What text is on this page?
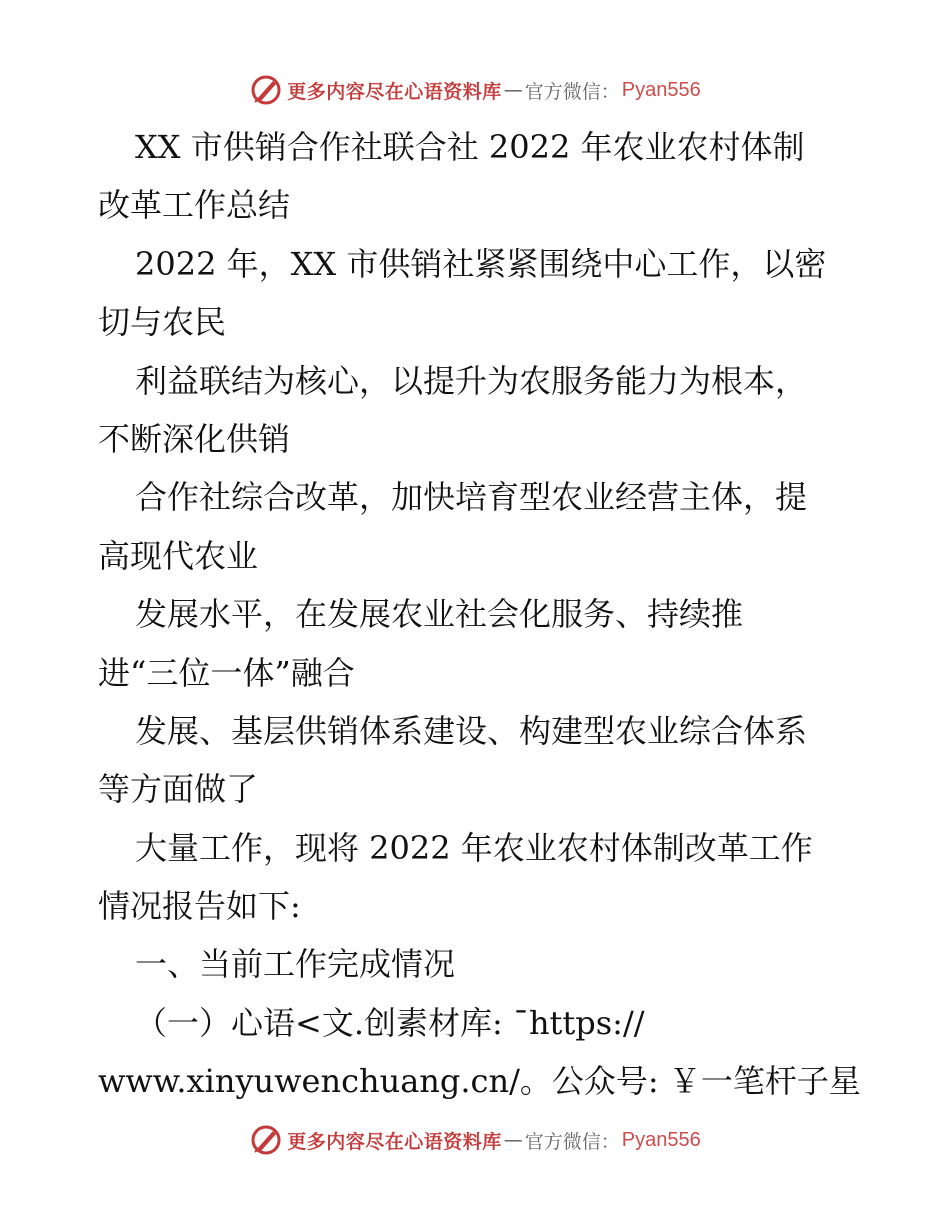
更多内容尽在心语资料库 — 官方微信： Pyan556
XX 市供销合作社联合社 2022 年农业农村体制
改革工作总结
2022 年，XX 市供销社紧紧围绕中心工作，以密
切与农民
利益联结为核心，以提升为农服务能力为根本，
不断深化供销
合作社综合改革，加快培育型农业经营主体，提
高现代农业
发展水平，在发展农业社会化服务、持续推
进“三位一体”融合
发展、基层供销体系建设、构建型农业综合体系
等方面做了
大量工作，现将 2022 年农业农村体制改革工作
情况报告如下:
一、当前工作完成情况
（一）心语<文.创素材库: ¯https://
www.xinyuwenchuang.cn/。公众号: ￥一笔杆子星
更多内容尽在心语资料库 — 官方微信： Pyan556
